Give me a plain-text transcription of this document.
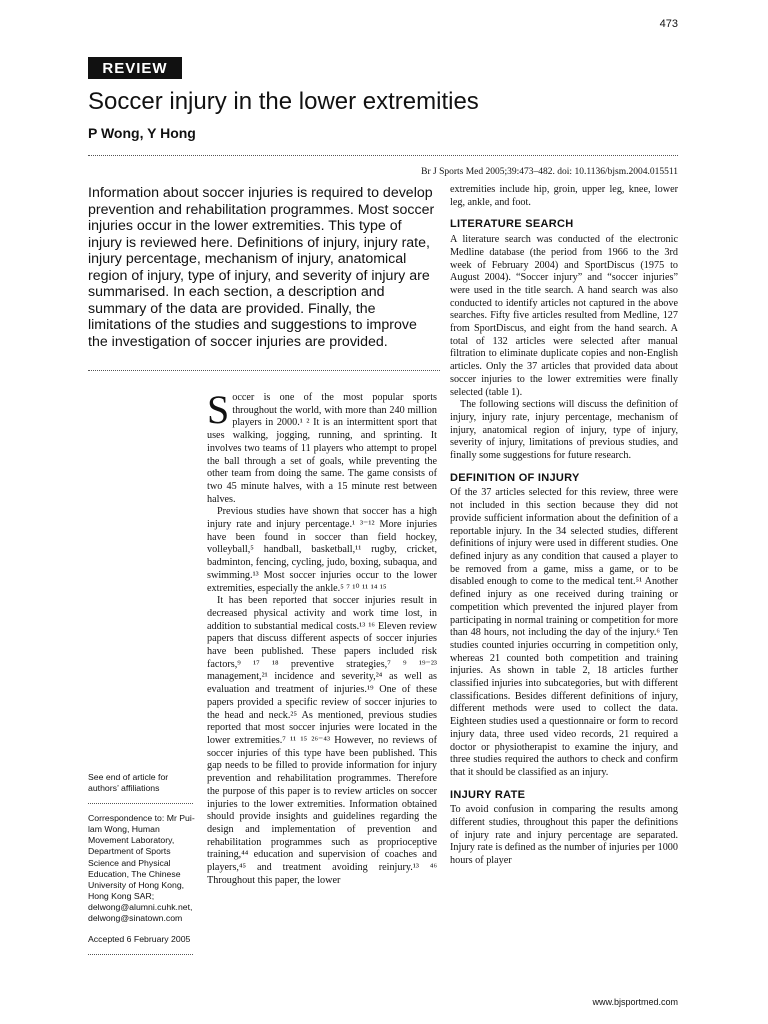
473
REVIEW
Soccer injury in the lower extremities
P Wong, Y Hong
Br J Sports Med 2005;39:473–482. doi: 10.1136/bjsm.2004.015511

Information about soccer injuries is required to develop prevention and rehabilitation programmes. Most soccer injuries occur in the lower extremities. This type of injury is reviewed here. Definitions of injury, injury rate, injury percentage, mechanism of injury, anatomical region of injury, type of injury, and severity of injury are summarised. In each section, a description and summary of the data are provided. Finally, the limitations of the studies and suggestions to improve the investigation of soccer injuries are provided.

See end of article for authors’ affiliations

Correspondence to: Mr Pui-lam Wong, Human Movement Laboratory, Department of Sports Science and Physical Education, The Chinese University of Hong Kong, Hong Kong SAR; delwong@alumni.cuhk.net, delwong@sinatown.com

Accepted 6 February 2005

Soccer is one of the most popular sports throughout the world, with more than 240 million players in 2000.¹ ² It is an intermittent sport that uses walking, jogging, running, and sprinting. It involves two teams of 11 players who attempt to propel the ball through a set of goals, while preventing the other team from doing the same. The game consists of two 45 minute halves, with a 15 minute rest between halves.

Previous studies have shown that soccer has a high injury rate and injury percentage.¹ ³⁻¹² More injuries have been found in soccer than field hockey, volleyball,⁵ handball, basketball,¹¹ rugby, cricket, badminton, fencing, cycling, judo, boxing, subaqua, and swimming.¹³ Most soccer injuries occur to the lower extremities, especially the ankle.⁵ ⁷ ¹⁰ ¹¹ ¹⁴ ¹⁵

It has been reported that soccer injuries result in decreased physical activity and work time lost, in addition to substantial medical costs.¹³ ¹⁶ Eleven review papers that discuss different aspects of soccer injuries have been published. These papers included risk factors,⁹ ¹⁷ ¹⁸ preventive strategies,⁷ ⁹ ¹⁹⁻²³ management,²¹ incidence and severity,²⁴ as well as evaluation and treatment of injuries.¹⁹ One of these papers provided a specific review of soccer injuries to the head and neck.²⁵ As mentioned, previous studies reported that most soccer injuries were located in the lower extremities.⁷ ¹¹ ¹⁵ ²⁶⁻⁴³ However, no reviews of soccer injuries of this type have been published. This gap needs to be filled to provide information for injury prevention and rehabilitation programmes. Therefore the purpose of this paper is to review articles on soccer injuries to the lower extremities. Information obtained should provide insights and guidelines regarding the design and implementation of prevention and rehabilitation programmes such as proprioceptive training,⁴⁴ education and supervision of coaches and players,⁴⁵ and treatment avoiding reinjury.¹³ ⁴⁶ Throughout this paper, the lower

extremities include hip, groin, upper leg, knee, lower leg, ankle, and foot.

LITERATURE SEARCH

A literature search was conducted of the electronic Medline database (the period from 1966 to the 3rd week of February 2004) and SportDiscus (1975 to August 2004). “Soccer injury” and “soccer injuries” were used in the title search. A hand search was also conducted to identify articles not captured in the above searches. Fifty five articles resulted from Medline, 127 from SportDiscus, and eight from the hand search. A total of 132 articles were selected after manual filtration to eliminate duplicate copies and non-English articles. Only the 37 articles that provided data about soccer injuries to the lower extremities were finally selected (table 1).

The following sections will discuss the definition of injury, injury rate, injury percentage, mechanism of injury, anatomical region of injury, type of injury, severity of injury, limitations of previous studies, and finally some suggestions for future research.

DEFINITION OF INJURY

Of the 37 articles selected for this review, three were not included in this section because they did not provide sufficient information about the definition of a reportable injury. In the 34 selected studies, different definitions of injury were used in different studies. One defined injury as any condition that caused a player to be removed from a game, miss a game, or to be disabled enough to come to the medical tent.⁵¹ Another defined injury as one received during training or competition which prevented the injured player from participating in normal training or competition for more than 48 hours, not including the day of the injury.⁶ Ten studies counted injuries occurring in competition only, whereas 21 counted both competition and training injuries. As shown in table 2, 18 articles further classified injuries into subcategories, but with different classifications. Besides different definitions of injury, different methods were used to collect the data. Eighteen studies used a questionnaire or form to record injury data, three used video records, 21 required a doctor or physiotherapist to examine the injury, and three studies required the authors to check and confirm that it should be classified as an injury.

INJURY RATE

To avoid confusion in comparing the results among different studies, throughout this paper the definitions of injury rate and injury percentage are separated. Injury rate is defined as the number of injuries per 1000 hours of player

www.bjsportmed.com
